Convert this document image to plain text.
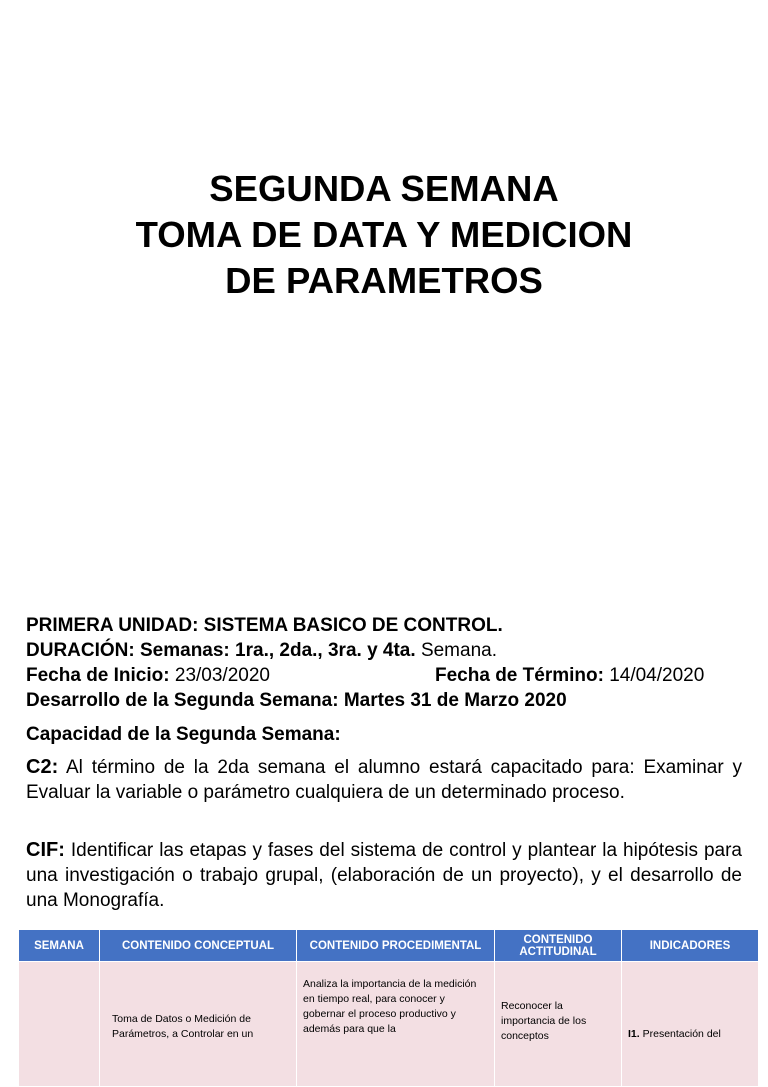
SEGUNDA SEMANA
TOMA DE DATA Y MEDICION
DE PARAMETROS
PRIMERA UNIDAD: SISTEMA BASICO DE CONTROL.
DURACIÓN: Semanas: 1ra., 2da., 3ra. y 4ta. Semana.
Fecha de Inicio: 23/03/2020	Fecha de Término: 14/04/2020
Desarrollo de la Segunda Semana: Martes 31 de Marzo 2020
Capacidad de la Segunda Semana:
C2: Al término de la 2da semana el alumno estará capacitado para: Examinar y Evaluar la variable o parámetro cualquiera de un determinado proceso.
CIF: Identificar las etapas y fases del sistema de control y plantear la hipótesis para una investigación o trabajo grupal, (elaboración de un proyecto), y el desarrollo de una Monografía.
SEMANA	CONTENIDO CONCEPTUAL	CONTENIDO PROCEDIMENTAL	CONTENIDO ACTITUDINAL	INDICADORES

	Toma de Datos o Medición de Parámetros, a Controlar en un	Analiza la importancia de la medición en tiempo real, para conocer y gobernar el proceso productivo y además para que la	Reconocer la importancia de los conceptos	I1. Presentación del
